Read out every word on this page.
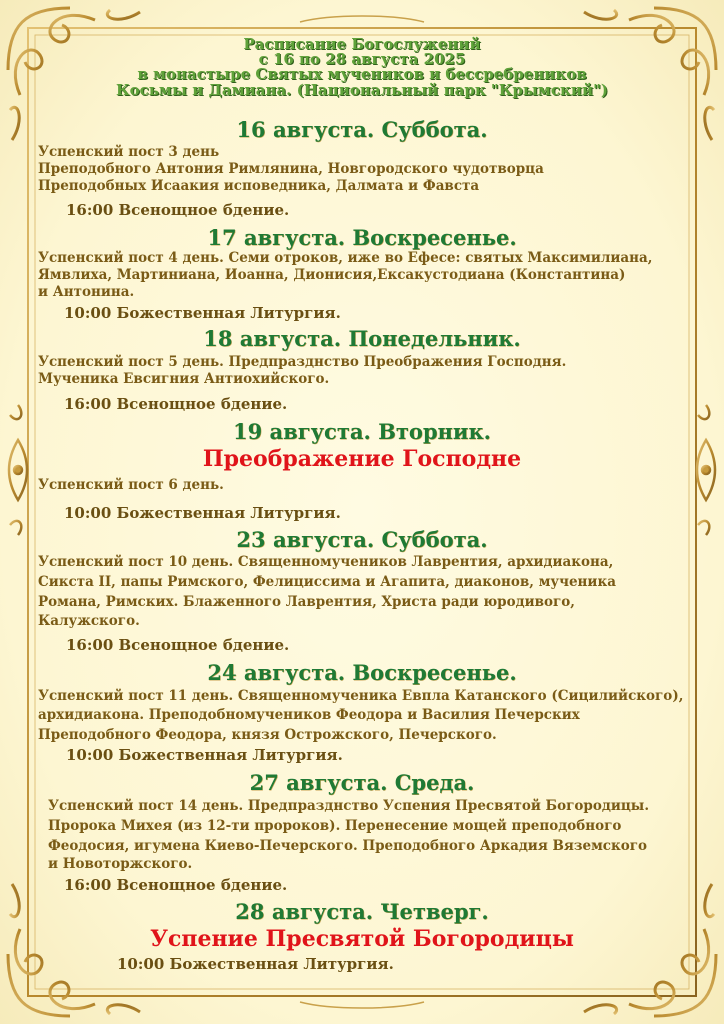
Расписание Богослужений

с 16 по 28 августа 2025

в монастыре Святых мучеников и бессребреников

Косьмы и Дамиана. (Национальный парк "Крымский")

16 августа. Суббота.

Успенский пост 3 день

Преподобного Антония Римлянина, Новгородского чудотворца

Преподобных Исаакия исповедника, Далмата и Фавста

16:00 Всенощное бдение.

17 августа. Воскресенье.

Успенский пост 4 день. Семи отроков, иже во Ефесе: святых Максимилиана,

Ямвлиха, Мартиниана, Иоанна, Дионисия,Ексакустодиана (Константина)

и Антонина.

10:00 Божественная Литургия.

18 августа. Понедельник.

Успенский пост 5 день. Предпразднство Преображения Господня.

Мученика Евсигния Антиохийского.

16:00 Всенощное бдение.

19 августа. Вторник.

Преображение Господне

Успенский пост 6 день.

10:00 Божественная Литургия.

23 августа. Суббота.

Успенский пост 10 день. Священномучеников Лаврентия, архидиакона,

Сикста II, папы Римского, Фелициссима и Агапита, диаконов, мученика

Романа, Римских. Блаженного Лаврентия, Христа ради юродивого,

Калужского.

16:00 Всенощное бдение.

24 августа. Воскресенье.

Успенский пост 11 день. Священномученика Евпла Катанского (Сицилийского),

архидиакона. Преподобномучеников Феодора и Василия Печерских

Преподобного Феодора, князя Острожского, Печерского.

10:00 Божественная Литургия.

27 августа. Среда.

Успенский пост 14 день. Предпразднство Успения Пресвятой Богородицы.

Пророка Михея (из 12-ти пророков). Перенесение мощей преподобного

Феодосия, игумена Киево-Печерского. Преподобного Аркадия Вяземского

и Новоторжского.

16:00 Всенощное бдение.

28 августа. Четверг.

Успение Пресвятой Богородицы

10:00 Божественная Литургия.
